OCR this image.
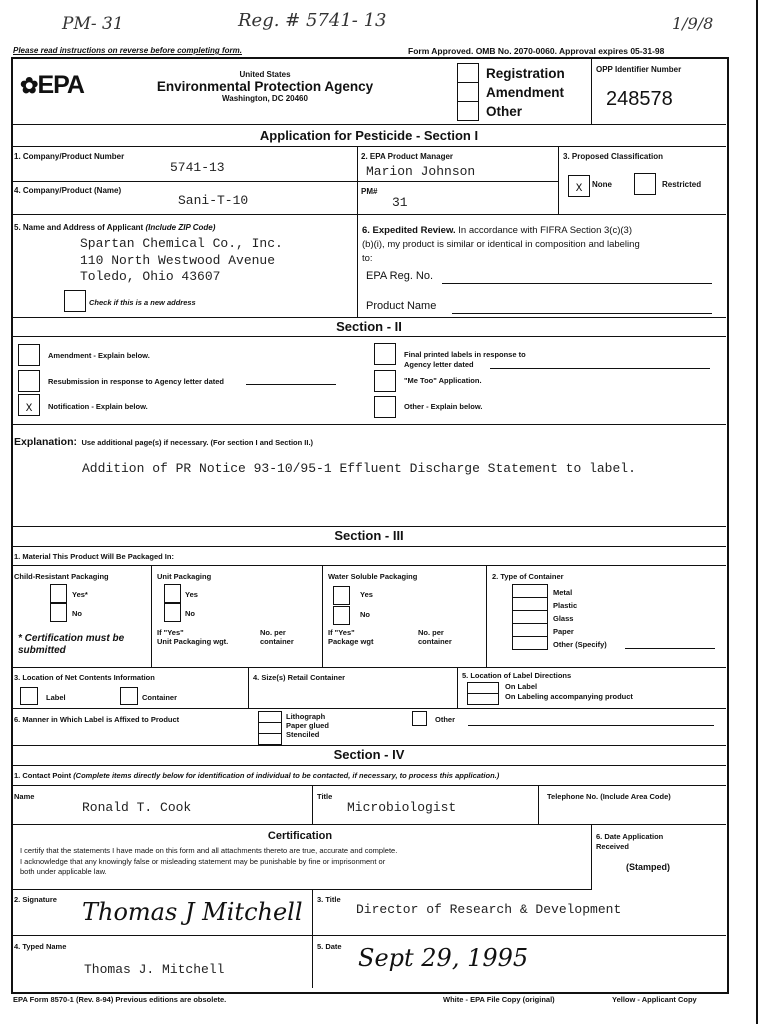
PM- 31	Reg. # 5741- 13	1/9/8
Please read instructions on reverse before completing form.	Form Approved. OMB No. 2070-0060. Approval expires 05-31-98
✿EPA	United States
Environmental Protection Agency
Washington, DC 20460
Registration
Amendment
Other
OPP Identifier Number
248578
Application for Pesticide - Section I
1. Company/Product Number
5741-13
2. EPA Product Manager
Marion Johnson
3. Proposed Classification
X	None	Restricted
4. Company/Product (Name)
Sani-T-10
PM#
31
5. Name and Address of Applicant (Include ZIP Code)
Spartan Chemical Co., Inc.
110 North Westwood Avenue
Toledo, Ohio 43607
Check if this is a new address
6. Expedited Review. In accordance with FIFRA Section 3(c)(3)
(b)(i), my product is similar or identical in composition and labeling
to:
EPA Reg. No.
Product Name
Section - II
Amendment - Explain below.
Resubmission in response to Agency letter dated
X	Notification - Explain below.
Final printed labels in response to
Agency letter dated
"Me Too" Application.
Other - Explain below.
Explanation: Use additional page(s) if necessary. (For section I and Section II.)
Addition of PR Notice 93-10/95-1 Effluent Discharge Statement to label.
Section - III
1. Material This Product Will Be Packaged In:
Child-Resistant Packaging
Yes*
No
* Certification must be submitted
Unit Packaging
Yes
No
If "Yes"
Unit Packaging wgt.
No. per
container
Water Soluble Packaging
Yes
No
If "Yes"
Package wgt
No. per
container
2. Type of Container
Metal
Plastic
Glass
Paper
Other (Specify)
3. Location of Net Contents Information
Label	Container
4. Size(s) Retail Container	5. Location of Label Directions
On Label
On Labeling accompanying product
6. Manner in Which Label is Affixed to Product	Lithograph
Paper glued
Stenciled
Other
Section - IV
1. Contact Point (Complete items directly below for identification of individual to be contacted, if necessary, to process this application.)
Name
Ronald T. Cook
Title
Microbiologist
Telephone No. (Include Area Code)
Certification
I certify that the statements I have made on this form and all attachments thereto are true, accurate and complete.
I acknowledge that any knowingly false or misleading statement may be punishable by fine or imprisonment or
both under applicable law.
6. Date Application
Received
(Stamped)
2. Signature Thomas J Mitchell 3. Title
Director of Research & Development
4. Typed Name
Thomas J. Mitchell
5. Date Sept 29, 1995
EPA Form 8570-1 (Rev. 8-94) Previous editions are obsolete.	White - EPA File Copy (original)	Yellow - Applicant Copy
